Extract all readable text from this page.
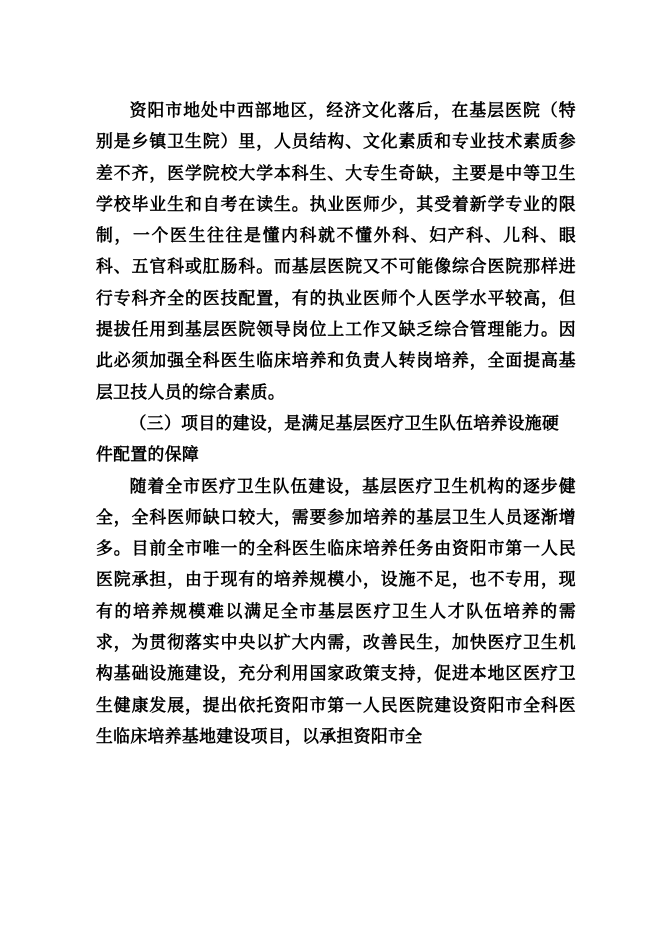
资阳市地处中西部地区，经济文化落后，在基层医院（特别是乡镇卫生院）里，人员结构、文化素质和专业技术素质参差不齐，医学院校大学本科生、大专生奇缺，主要是中等卫生学校毕业生和自考在读生。执业医师少，其受着新学专业的限制，一个医生往往是懂内科就不懂外科、妇产科、儿科、眼科、五官科或肛肠科。而基层医院又不可能像综合医院那样进行专科齐全的医技配置，有的执业医师个人医学水平较高，但提拔任用到基层医院领导岗位上工作又缺乏综合管理能力。因此必须加强全科医生临床培养和负责人转岗培养，全面提高基层卫技人员的综合素质。

（三）项目的建设，是满足基层医疗卫生队伍培养设施硬件配置的保障

随着全市医疗卫生队伍建设，基层医疗卫生机构的逐步健全，全科医师缺口较大，需要参加培养的基层卫生人员逐渐增多。目前全市唯一的全科医生临床培养任务由资阳市第一人民医院承担，由于现有的培养规模小，设施不足，也不专用，现有的培养规模难以满足全市基层医疗卫生人才队伍培养的需求，为贯彻落实中央以扩大内需，改善民生，加快医疗卫生机构基础设施建设，充分利用国家政策支持，促进本地区医疗卫生健康发展，提出依托资阳市第一人民医院建设资阳市全科医生临床培养基地建设项目，以承担资阳市全
